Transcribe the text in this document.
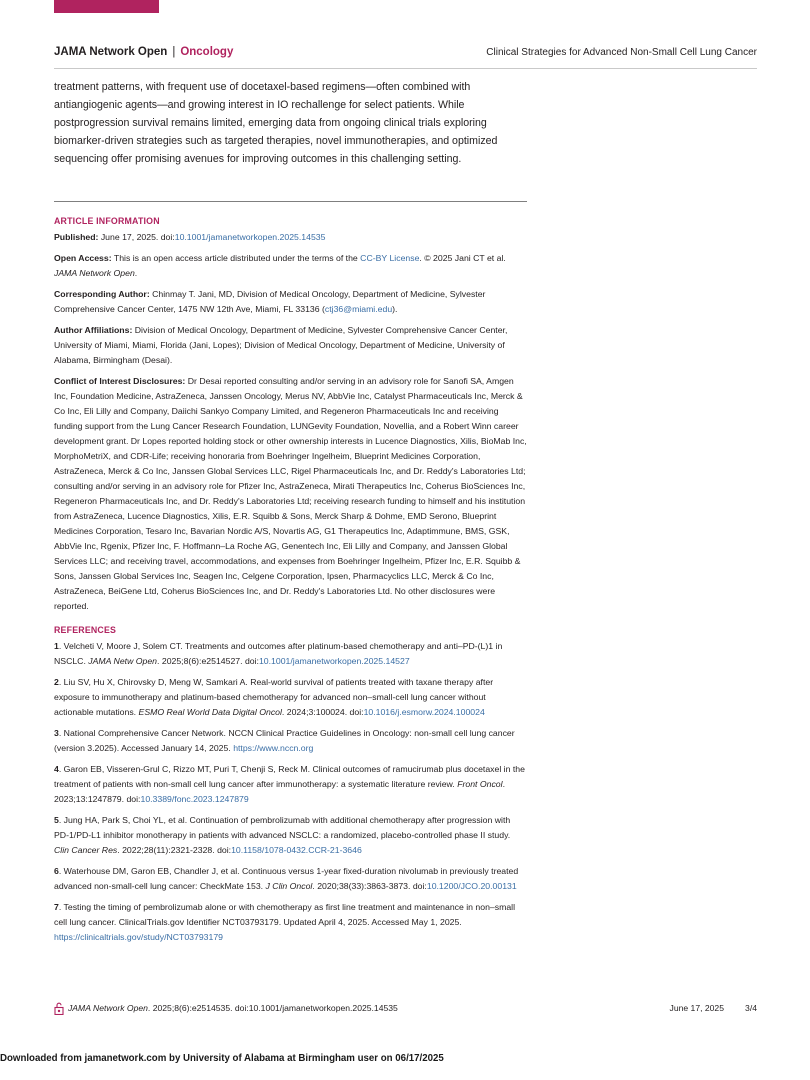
JAMA Network Open | Oncology	Clinical Strategies for Advanced Non-Small Cell Lung Cancer

treatment patterns, with frequent use of docetaxel-based regimens—often combined with antiangiogenic agents—and growing interest in IO rechallenge for select patients. While postprogression survival remains limited, emerging data from ongoing clinical trials exploring biomarker-driven strategies such as targeted therapies, novel immunotherapies, and optimized sequencing offer promising avenues for improving outcomes in this challenging setting.

ARTICLE INFORMATION

Published: June 17, 2025. doi:10.1001/jamanetworkopen.2025.14535

Open Access: This is an open access article distributed under the terms of the CC-BY License. © 2025 Jani CT et al. JAMA Network Open.

Corresponding Author: Chinmay T. Jani, MD, Division of Medical Oncology, Department of Medicine, Sylvester Comprehensive Cancer Center, 1475 NW 12th Ave, Miami, FL 33136 (ctj36@miami.edu).

Author Affiliations: Division of Medical Oncology, Department of Medicine, Sylvester Comprehensive Cancer Center, University of Miami, Miami, Florida (Jani, Lopes); Division of Medical Oncology, Department of Medicine, University of Alabama, Birmingham (Desai).

Conflict of Interest Disclosures: Dr Desai reported consulting and/or serving in an advisory role for Sanofi SA, Amgen Inc, Foundation Medicine, AstraZeneca, Janssen Oncology, Merus NV, AbbVie Inc, Catalyst Pharmaceuticals Inc, Merck & Co Inc, Eli Lilly and Company, Daiichi Sankyo Company Limited, and Regeneron Pharmaceuticals Inc and receiving funding support from the Lung Cancer Research Foundation, LUNGevity Foundation, Novellia, and a Robert Winn career development grant. Dr Lopes reported holding stock or other ownership interests in Lucence Diagnostics, Xilis, BioMab Inc, MorphoMetriX, and CDR-Life; receiving honoraria from Boehringer Ingelheim, Blueprint Medicines Corporation, AstraZeneca, Merck & Co Inc, Janssen Global Services LLC, Rigel Pharmaceuticals Inc, and Dr. Reddy's Laboratories Ltd; consulting and/or serving in an advisory role for Pfizer Inc, AstraZeneca, Mirati Therapeutics Inc, Coherus BioSciences Inc, Regeneron Pharmaceuticals Inc, and Dr. Reddy's Laboratories Ltd; receiving research funding to himself and his institution from AstraZeneca, Lucence Diagnostics, Xilis, E.R. Squibb & Sons, Merck Sharp & Dohme, EMD Serono, Blueprint Medicines Corporation, Tesaro Inc, Bavarian Nordic A/S, Novartis AG, G1 Therapeutics Inc, Adaptimmune, BMS, GSK, AbbVie Inc, Rgenix, Pfizer Inc, F. Hoffmann–La Roche AG, Genentech Inc, Eli Lilly and Company, and Janssen Global Services LLC; and receiving travel, accommodations, and expenses from Boehringer Ingelheim, Pfizer Inc, E.R. Squibb & Sons, Janssen Global Services Inc, Seagen Inc, Celgene Corporation, Ipsen, Pharmacyclics LLC, Merck & Co Inc, AstraZeneca, BeiGene Ltd, Coherus BioSciences Inc, and Dr. Reddy's Laboratories Ltd. No other disclosures were reported.

REFERENCES

1. Velcheti V, Moore J, Solem CT. Treatments and outcomes after platinum-based chemotherapy and anti–PD-(L)1 in NSCLC. JAMA Netw Open. 2025;8(6):e2514527. doi:10.1001/jamanetworkopen.2025.14527

2. Liu SV, Hu X, Chirovsky D, Meng W, Samkari A. Real-world survival of patients treated with taxane therapy after exposure to immunotherapy and platinum-based chemotherapy for advanced non–small-cell lung cancer without actionable mutations. ESMO Real World Data Digital Oncol. 2024;3:100024. doi:10.1016/j.esmorw.2024.100024

3. National Comprehensive Cancer Network. NCCN Clinical Practice Guidelines in Oncology: non-small cell lung cancer (version 3.2025). Accessed January 14, 2025. https://www.nccn.org

4. Garon EB, Visseren-Grul C, Rizzo MT, Puri T, Chenji S, Reck M. Clinical outcomes of ramucirumab plus docetaxel in the treatment of patients with non-small cell lung cancer after immunotherapy: a systematic literature review. Front Oncol. 2023;13:1247879. doi:10.3389/fonc.2023.1247879

5. Jung HA, Park S, Choi YL, et al. Continuation of pembrolizumab with additional chemotherapy after progression with PD-1/PD-L1 inhibitor monotherapy in patients with advanced NSCLC: a randomized, placebo-controlled phase II study. Clin Cancer Res. 2022;28(11):2321-2328. doi:10.1158/1078-0432.CCR-21-3646

6. Waterhouse DM, Garon EB, Chandler J, et al. Continuous versus 1-year fixed-duration nivolumab in previously treated advanced non-small-cell lung cancer: CheckMate 153. J Clin Oncol. 2020;38(33):3863-3873. doi:10.1200/JCO.20.00131

7. Testing the timing of pembrolizumab alone or with chemotherapy as first line treatment and maintenance in non–small cell lung cancer. ClinicalTrials.gov Identifier NCT03793179. Updated April 4, 2025. Accessed May 1, 2025. https://clinicaltrials.gov/study/NCT03793179

JAMA Network Open. 2025;8(6):e2514535. doi:10.1001/jamanetworkopen.2025.14535	June 17, 2025 3/4
Downloaded from jamanetwork.com by University of Alabama at Birmingham user on 06/17/2025
